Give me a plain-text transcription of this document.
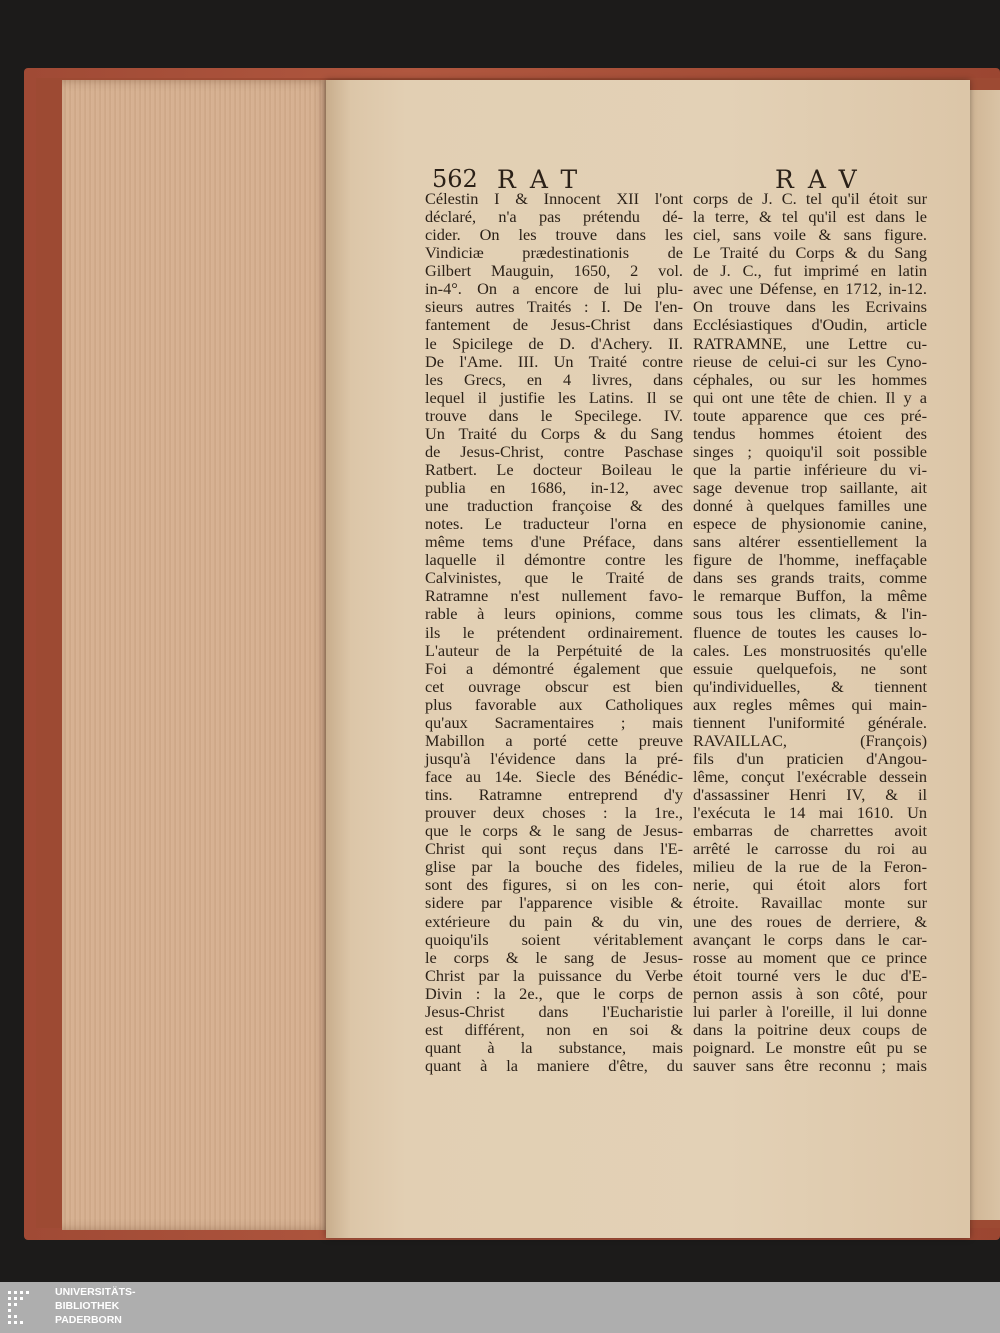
562 RAT	RAV
Célestin I & Innocent XII l'ont
déclaré, n'a pas prétendu dé-
cider. On les trouve dans les
Vindiciæ prædestinationis de
Gilbert Mauguin, 1650, 2 vol.
in-4°. On a encore de lui plu-
sieurs autres Traités : I. De l'en-
fantement de Jesus-Christ dans
le Spicilege de D. d'Achery. II.
De l'Ame. III. Un Traité contre
les Grecs, en 4 livres, dans
lequel il justifie les Latins. Il se
trouve dans le Specilege. IV.
Un Traité du Corps & du Sang
de Jesus-Christ, contre Paschase
Ratbert. Le docteur Boileau le
publia en 1686, in-12, avec
une traduction françoise & des
notes. Le traducteur l'orna en
même tems d'une Préface, dans
laquelle il démontre contre les
Calvinistes, que le Traité de
Ratramne n'est nullement favo-
rable à leurs opinions, comme
ils le prétendent ordinairement.
L'auteur de la Perpétuité de la
Foi a démontré également que
cet ouvrage obscur est bien
plus favorable aux Catholiques
qu'aux Sacramentaires ; mais
Mabillon a porté cette preuve
jusqu'à l'évidence dans la pré-
face au 14e. Siecle des Bénédic-
tins. Ratramne entreprend d'y
prouver deux choses : la 1re.,
que le corps & le sang de Jesus-
Christ qui sont reçus dans l'E-
glise par la bouche des fideles,
sont des figures, si on les con-
sidere par l'apparence visible &
extérieure du pain & du vin,
quoiqu'ils soient véritablement
le corps & le sang de Jesus-
Christ par la puissance du Verbe
Divin : la 2e., que le corps de
Jesus-Christ dans l'Eucharistie
est différent, non en soi &
quant à la substance, mais
quant à la maniere d'être, du
corps de J. C. tel qu'il étoit sur
la terre, & tel qu'il est dans le
ciel, sans voile & sans figure.
Le Traité du Corps & du Sang
de J. C., fut imprimé en latin
avec une Défense, en 1712, in-12.
On trouve dans les Ecrivains
Ecclésiastiques d'Oudin, article
RATRAMNE, une Lettre cu-
rieuse de celui-ci sur les Cyno-
céphales, ou sur les hommes
qui ont une tête de chien. Il y a
toute apparence que ces pré-
tendus hommes étoient des
singes ; quoiqu'il soit possible
que la partie inférieure du vi-
sage devenue trop saillante, ait
donné à quelques familles une
espece de physionomie canine,
sans altérer essentiellement la
figure de l'homme, ineffaçable
dans ses grands traits, comme
le remarque Buffon, la même
sous tous les climats, & l'in-
fluence de toutes les causes lo-
cales. Les monstruosités qu'elle
essuie quelquefois, ne sont
qu'individuelles, & tiennent
aux regles mêmes qui main-
tiennent l'uniformité générale.
RAVAILLAC, (François)
fils d'un praticien d'Angou-
lême, conçut l'exécrable dessein
d'assassiner Henri IV, & il
l'exécuta le 14 mai 1610. Un
embarras de charrettes avoit
arrêté le carrosse du roi au
milieu de la rue de la Feron-
nerie, qui étoit alors fort
étroite. Ravaillac monte sur
une des roues de derriere, &
avançant le corps dans le car-
rosse au moment que ce prince
étoit tourné vers le duc d'E-
pernon assis à son côté, pour
lui parler à l'oreille, il lui donne
dans la poitrine deux coups de
poignard. Le monstre eût pu se
sauver sans être reconnu ; mais
UNIVERSITÄTS-
BIBLIOTHEK
PADERBORN
